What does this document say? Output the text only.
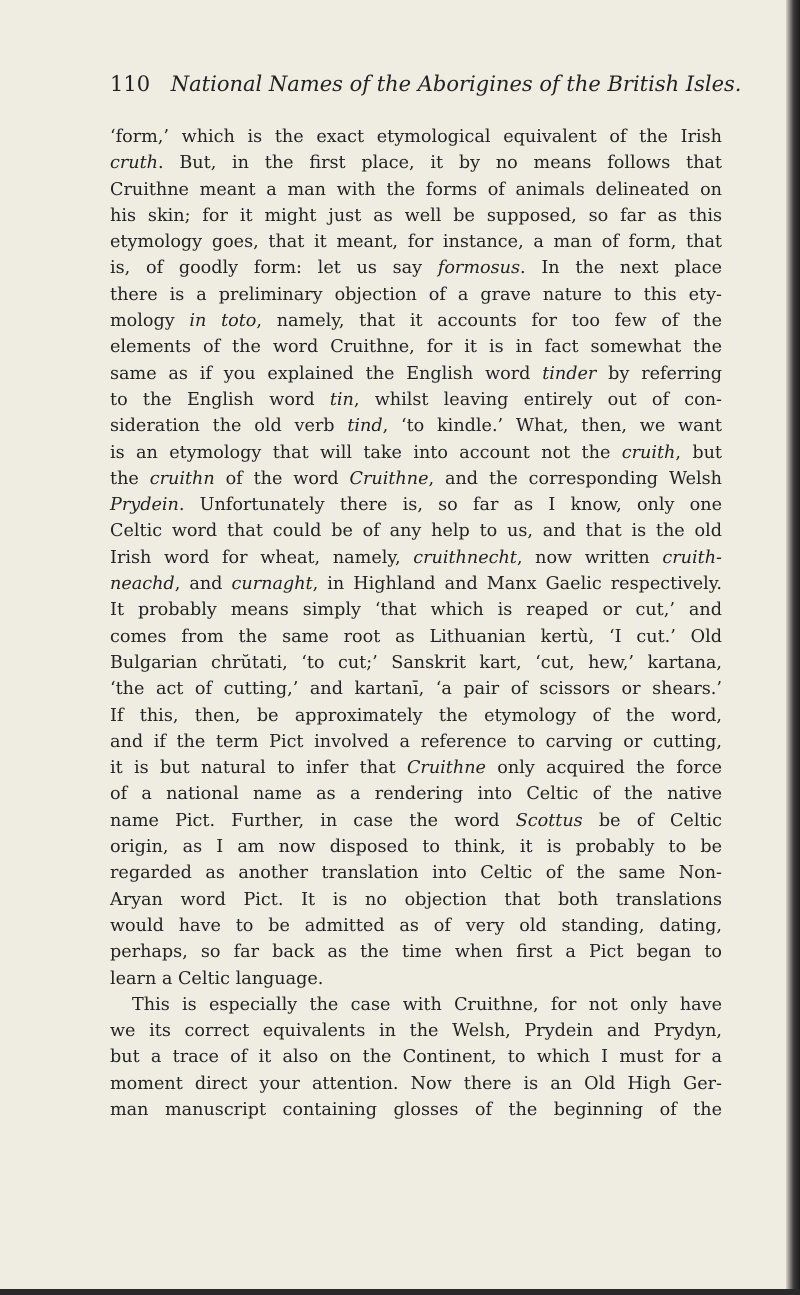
110 National Names of the Aborigines of the British Isles.
‘form,’ which is the exact etymological equivalent of the Irish
cruth. But, in the first place, it by no means follows that
Cruithne meant a man with the forms of animals delineated on
his skin; for it might just as well be supposed, so far as this
etymology goes, that it meant, for instance, a man of form, that
is, of goodly form: let us say formosus. In the next place
there is a preliminary objection of a grave nature to this ety-
mology in toto, namely, that it accounts for too few of the
elements of the word Cruithne, for it is in fact somewhat the
same as if you explained the English word tinder by referring
to the English word tin, whilst leaving entirely out of con-
sideration the old verb tind, ‘to kindle.’ What, then, we want
is an etymology that will take into account not the cruith, but
the cruithn of the word Cruithne, and the corresponding Welsh
Prydein. Unfortunately there is, so far as I know, only one
Celtic word that could be of any help to us, and that is the old
Irish word for wheat, namely, cruithnecht, now written cruith-
neachd, and curnaght, in Highland and Manx Gaelic respectively.
It probably means simply ‘that which is reaped or cut,’ and
comes from the same root as Lithuanian kertù, ‘I cut.’ Old
Bulgarian chrŭtati, ‘to cut;’ Sanskrit kart, ‘cut, hew,’ kartana,
‘the act of cutting,’ and kartanī, ‘a pair of scissors or shears.’
If this, then, be approximately the etymology of the word,
and if the term Pict involved a reference to carving or cutting,
it is but natural to infer that Cruithne only acquired the force
of a national name as a rendering into Celtic of the native
name Pict. Further, in case the word Scottus be of Celtic
origin, as I am now disposed to think, it is probably to be
regarded as another translation into Celtic of the same Non-
Aryan word Pict. It is no objection that both translations
would have to be admitted as of very old standing, dating,
perhaps, so far back as the time when first a Pict began to
learn a Celtic language.
This is especially the case with Cruithne, for not only have
we its correct equivalents in the Welsh, Prydein and Prydyn,
but a trace of it also on the Continent, to which I must for a
moment direct your attention. Now there is an Old High Ger-
man manuscript containing glosses of the beginning of the
